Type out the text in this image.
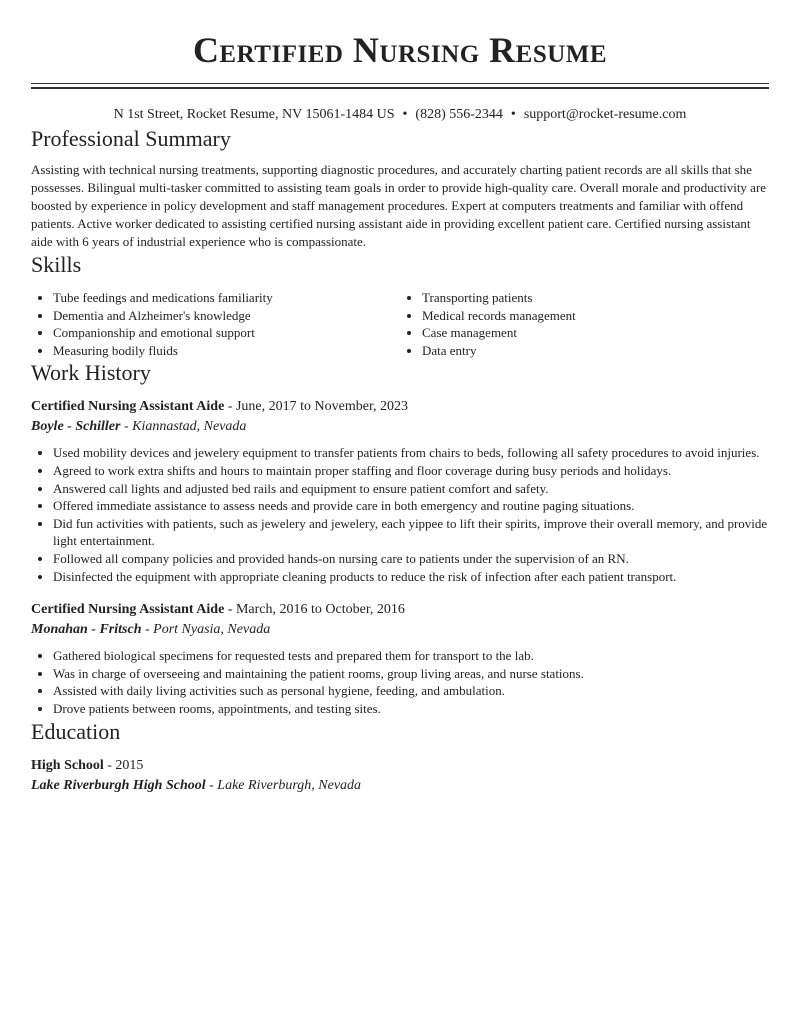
Certified Nursing Resume
N 1st Street, Rocket Resume, NV 15061-1484 US • (828) 556-2344 • support@rocket-resume.com
Professional Summary

Assisting with technical nursing treatments, supporting diagnostic procedures, and accurately charting patient records are all skills that she possesses. Bilingual multi-tasker committed to assisting team goals in order to provide high-quality care. Overall morale and productivity are boosted by experience in policy development and staff management procedures. Expert at computers treatments and familiar with offend patients. Active worker dedicated to assisting certified nursing assistant aide in providing excellent patient care. Certified nursing assistant aide with 6 years of industrial experience who is compassionate.

Skills
• Tube feedings and medications familiarity
• Dementia and Alzheimer's knowledge
• Companionship and emotional support
• Measuring bodily fluids
• Transporting patients
• Medical records management
• Case management
• Data entry
Work History

Certified Nursing Assistant Aide - June, 2017 to November, 2023

Boyle - Schiller - Kiannastad, Nevada

• Used mobility devices and jewelery equipment to transfer patients from chairs to beds, following all safety procedures to avoid injuries.
• Agreed to work extra shifts and hours to maintain proper staffing and floor coverage during busy periods and holidays.
• Answered call lights and adjusted bed rails and equipment to ensure patient comfort and safety.
• Offered immediate assistance to assess needs and provide care in both emergency and routine paging situations.
• Did fun activities with patients, such as jewelery and jewelery, each yippee to lift their spirits, improve their overall memory, and provide light entertainment.
• Followed all company policies and provided hands-on nursing care to patients under the supervision of an RN.
• Disinfected the equipment with appropriate cleaning products to reduce the risk of infection after each patient transport.

Certified Nursing Assistant Aide - March, 2016 to October, 2016

Monahan - Fritsch - Port Nyasia, Nevada

• Gathered biological specimens for requested tests and prepared them for transport to the lab.
• Was in charge of overseeing and maintaining the patient rooms, group living areas, and nurse stations.
• Assisted with daily living activities such as personal hygiene, feeding, and ambulation.
• Drove patients between rooms, appointments, and testing sites.
Education

High School - 2015

Lake Riverburgh High School - Lake Riverburgh, Nevada
